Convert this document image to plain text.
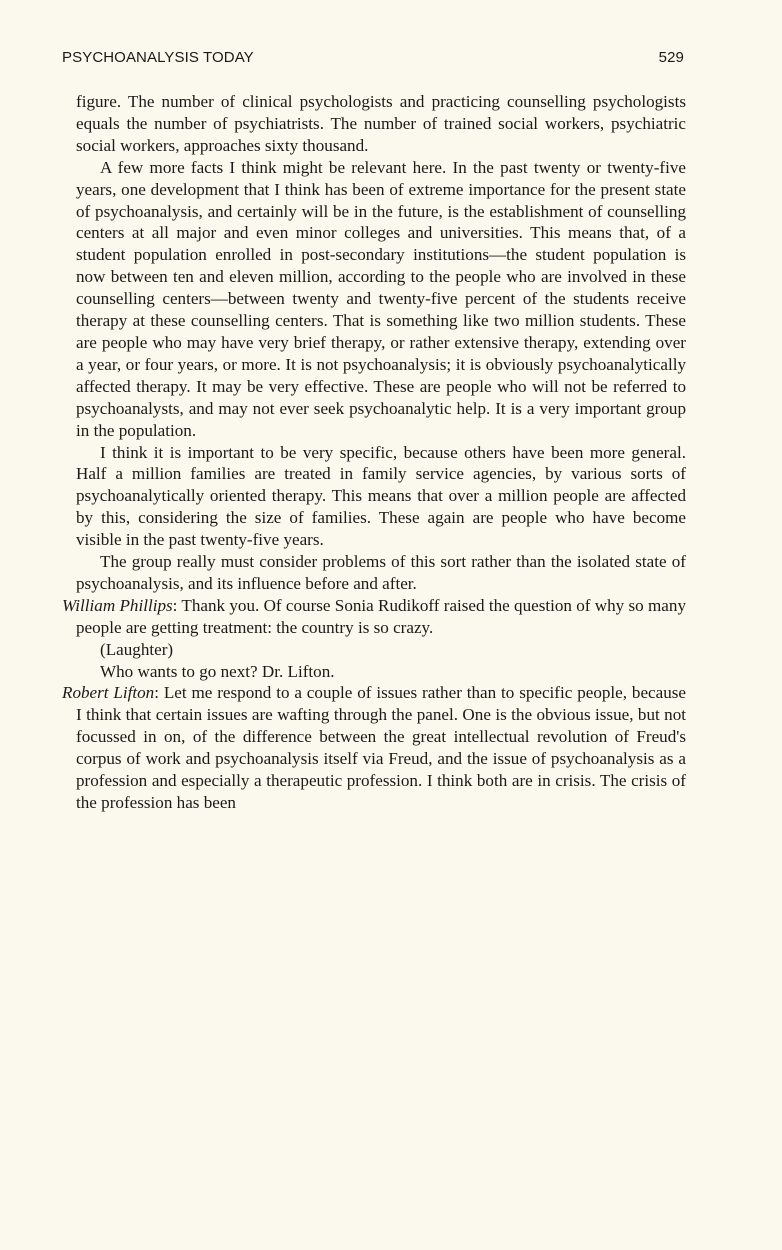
PSYCHOANALYSIS TODAY	529

figure. The number of clinical psychologists and practicing counselling psychologists equals the number of psychiatrists. The number of trained social workers, psychiatric social workers, approaches sixty thousand.

A few more facts I think might be relevant here. In the past twenty or twenty-five years, one development that I think has been of extreme importance for the present state of psychoanalysis, and certainly will be in the future, is the establishment of counselling centers at all major and even minor colleges and universities. This means that, of a student population enrolled in post-secondary institutions—the student population is now between ten and eleven million, according to the people who are involved in these counselling centers—between twenty and twenty-five percent of the students receive therapy at these counselling centers. That is something like two million students. These are people who may have very brief therapy, or rather extensive therapy, extending over a year, or four years, or more. It is not psychoanalysis; it is obviously psychoanalytically affected therapy. It may be very effective. These are people who will not be referred to psychoanalysts, and may not ever seek psychoanalytic help. It is a very important group in the population.

I think it is important to be very specific, because others have been more general. Half a million families are treated in family service agencies, by various sorts of psychoanalytically oriented therapy. This means that over a million people are affected by this, considering the size of families. These again are people who have become visible in the past twenty-five years.

The group really must consider problems of this sort rather than the isolated state of psychoanalysis, and its influence before and after.

William Phillips: Thank you. Of course Sonia Rudikoff raised the question of why so many people are getting treatment: the country is so crazy.

(Laughter)

Who wants to go next? Dr. Lifton.

Robert Lifton: Let me respond to a couple of issues rather than to specific people, because I think that certain issues are wafting through the panel. One is the obvious issue, but not focussed in on, of the difference between the great intellectual revolution of Freud's corpus of work and psychoanalysis itself via Freud, and the issue of psychoanalysis as a profession and especially a therapeutic profession. I think both are in crisis. The crisis of the profession has been
